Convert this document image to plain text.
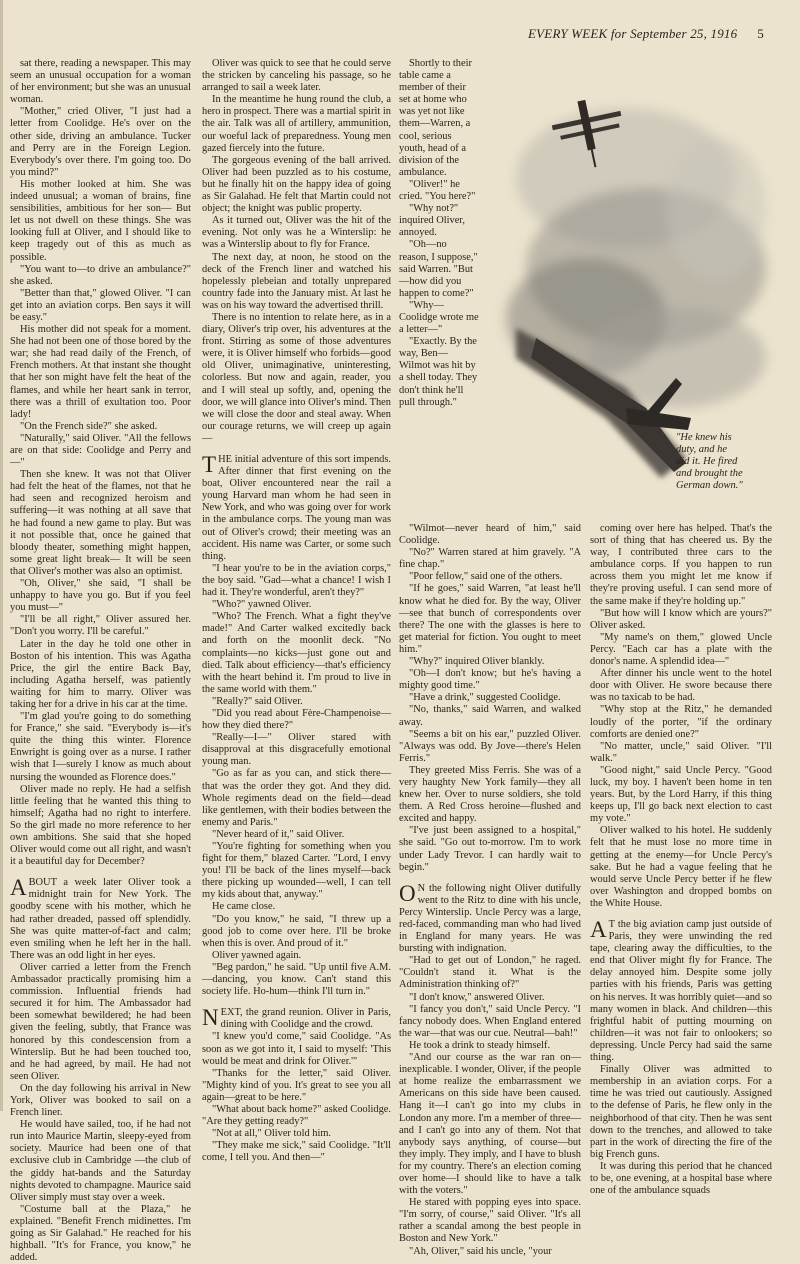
EVERY WEEK for September 25, 1916 5

sat there, reading a newspaper. This may seem an unusual occupation for a woman of her environment; but she was an unusual woman.

"Mother," cried Oliver, "I just had a letter from Coolidge. He's over on the other side, driving an ambulance. Tucker and Perry are in the Foreign Legion. Everybody's over there. I'm going too. Do you mind?"

His mother looked at him. She was indeed unusual; a woman of brains, fine sensibilities, ambitious for her son— But let us not dwell on these things. She was looking full at Oliver, and I should like to keep tragedy out of this as much as possible.

"You want to—to drive an ambulance?" she asked.

"Better than that," glowed Oliver. "I can get into an aviation corps. Ben says it will be easy."

His mother did not speak for a moment. She had not been one of those bored by the war; she had read daily of the French, of French mothers. At that instant she thought that her son might have felt the heat of the flames, and while her heart sank in terror, there was a thrill of exultation too. Poor lady!

"On the French side?" she asked.

"Naturally," said Oliver. "All the fellows are on that side: Coolidge and Perry and—"

Then she knew. It was not that Oliver had felt the heat of the flames, not that he had seen and recognized heroism and suffering—it was nothing at all save that he had found a new game to play. But was it not possible that, once he gained that bloody theater, something might happen, some great light break— It will be seen that Oliver's mother was also an optimist.

"Oh, Oliver," she said, "I shall be unhappy to have you go. But if you feel you must—"

"I'll be all right," Oliver assured her. "Don't you worry. I'll be careful."

Later in the day he told one other in Boston of his intention. This was Agatha Price, the girl the entire Back Bay, including Agatha herself, was patiently waiting for him to marry. Oliver was taking her for a drive in his car at the time.

"I'm glad you're going to do something for France," she said. "Everybody is—it's quite the thing this winter. Florence Enwright is going over as a nurse. I rather wish that I—surely I know as much about nursing the wounded as Florence does."

Oliver made no reply. He had a selfish little feeling that he wanted this thing to himself; Agatha had no right to interfere. So the girl made no more reference to her own ambitions. She said that she hoped Oliver would come out all right, and wasn't it a beautiful day for December?

ABOUT a week later Oliver took a midnight train for New York. The goodby scene with his mother, which he had rather dreaded, passed off splendidly. She was quite matter-of-fact and calm; even smiling when he left her in the hall. There was an odd light in her eyes.

Oliver carried a letter from the French Ambassador practically promising him a commission. Influential friends had secured it for him. The Ambassador had been somewhat bewildered; he had been given the feeling, subtly, that France was honored by this condescension from a Winterslip. But he had been touched too, and he had agreed, by mail. He had not seen Oliver.

On the day following his arrival in New York, Oliver was booked to sail on a French liner.

He would have sailed, too, if he had not run into Maurice Martin, sleepy-eyed from society. Maurice had been one of that exclusive club in Cambridge —the club of the giddy hat-bands and the Saturday nights devoted to champagne. Maurice said Oliver simply must stay over a week.

"Costume ball at the Plaza," he explained. "Benefit French midinettes. I'm going as Sir Galahad." He reached for his highball. "It's for France, you know," he added.

Oliver was quick to see that he could serve the stricken by canceling his passage, so he arranged to sail a week later.

In the meantime he hung round the club, a hero in prospect. There was a martial spirit in the air. Talk was all of artillery, ammunition, our woeful lack of preparedness. Young men gazed fiercely into the future.

The gorgeous evening of the ball arrived. Oliver had been puzzled as to his costume, but he finally hit on the happy idea of going as Sir Galahad. He felt that Martin could not object; the knight was public property.

As it turned out, Oliver was the hit of the evening. Not only was he a Winterslip: he was a Winterslip about to fly for France.

The next day, at noon, he stood on the deck of the French liner and watched his hopelessly plebeian and totally unprepared country fade into the January mist. At last he was on his way toward the advertised thrill.

There is no intention to relate here, as in a diary, Oliver's trip over, his adventures at the front. Stirring as some of those adventures were, it is Oliver himself who forbids—good old Oliver, unimaginative, uninteresting, colorless. But now and again, reader, you and I will steal up softly, and, opening the door, we will glance into Oliver's mind. Then we will close the door and steal away. When our courage returns, we will creep up again—

THE initial adventure of this sort impends. After dinner that first evening on the boat, Oliver encountered near the rail a young Harvard man whom he had seen in New York, and who was going over for work in the ambulance corps. The young man was out of Oliver's crowd; their meeting was an accident. His name was Carter, or some such thing.

"I hear you're to be in the aviation corps," the boy said. "Gad—what a chance! I wish I had it. They're wonderful, aren't they?"

"Who?" yawned Oliver.

"Who? The French. What a fight they've made!" And Carter walked excitedly back and forth on the moonlit deck. "No complaints—no kicks—just gone out and died. Talk about efficiency—that's efficiency with the heart behind it. I'm proud to live in the same world with them."

"Really?" said Oliver.

"Did you read about Fère-Champenoise—how they died there?"

"Really—I—" Oliver stared with disapproval at this disgracefully emotional young man.

"Go as far as you can, and stick there—that was the order they got. And they did. Whole regiments dead on the field—dead like gentlemen, with their bodies between the enemy and Paris."

"Never heard of it," said Oliver.

"You're fighting for something when you fight for them," blazed Carter. "Lord, I envy you! I'll be back of the lines myself—back there picking up wounded—well, I can tell my kids about that, anyway."

He came close.

"Do you know," he said, "I threw up a good job to come over here. I'll be broke when this is over. And proud of it."

Oliver yawned again.

"Beg pardon," he said. "Up until five A.M.—dancing, you know. Can't stand this society life. Ho-hum—think I'll turn in."

NEXT, the grand reunion. Oliver in Paris, dining with Coolidge and the crowd.

"I knew you'd come," said Coolidge. "As soon as we got into it, I said to myself: 'This would be meat and drink for Oliver.'"

"Thanks for the letter," said Oliver. "Mighty kind of you. It's great to see you all again—great to be here."

"What about back home?" asked Coolidge. "Are they getting ready?"

"Not at all," Oliver told him.

"They make me sick," said Coolidge. "It'll come, I tell you. And then—"

Shortly to their table came a member of their set at home who was yet not like them—Warren, a cool, serious youth, head of a division of the ambulance.

"Oliver!" he cried. "You here?"

"Why not?" inquired Oliver, annoyed.

"Oh—no reason, I suppose," said Warren. "But—how did you happen to come?"

"Why—Coolidge wrote me a letter—"

"Exactly. By the way, Ben—Wilmot was hit by a shell today. They don't think he'll pull through."

"He knew his
duty, and he
did it. He fired
and brought the
German down."

"Wilmot—never heard of him," said Coolidge.

"No?" Warren stared at him gravely. "A fine chap."

"Poor fellow," said one of the others.

"If he goes," said Warren, "at least he'll know what he died for. By the way, Oliver—see that bunch of correspondents over there? The one with the glasses is here to get material for fiction. You ought to meet him."

"Why?" inquired Oliver blankly.

"Oh—I don't know; but he's having a mighty good time."

"Have a drink," suggested Coolidge.

"No, thanks," said Warren, and walked away.

"Seems a bit on his ear," puzzled Oliver. "Always was odd. By Jove—there's Helen Ferris."

They greeted Miss Ferris. She was of a very haughty New York family—they all knew her. Over to nurse soldiers, she told them. A Red Cross heroine—flushed and excited and happy.

"I've just been assigned to a hospital," she said. "Go out to-morrow. I'm to work under Lady Trevor. I can hardly wait to begin."

O N the following night Oliver dutifully went to the Ritz to dine with his uncle, Percy Winterslip. Uncle Percy was a large, red-faced, commanding man who had lived in England for many years. He was bursting with indignation.

"Had to get out of London," he raged. "Couldn't stand it. What is the Administration thinking of?"

"I don't know," answered Oliver.

"I fancy you don't," said Uncle Percy. "I fancy nobody does. When England entered the war—that was our cue. Neutral—bah!"

He took a drink to steady himself.

"And our course as the war ran on—inexplicable. I wonder, Oliver, if the people at home realize the embarrassment we Americans on this side have been caused. Hang it—I can't go into my clubs in London any more. I'm a member of three—and I can't go into any of them. Not that anybody says anything, of course—but they imply. They imply, and I have to blush for my country. There's an election coming over home—I should like to have a talk with the voters."

He stared with popping eyes into space. "I'm sorry, of course," said Oliver. "It's all rather a scandal among the best people in Boston and New York."

"Ah, Oliver," said his uncle, "your

coming over here has helped. That's the sort of thing that has cheered us. By the way, I contributed three cars to the ambulance corps. If you happen to run across them you might let me know if they're proving useful. I can send more of the same make if they're holding up."

"But how will I know which are yours?" Oliver asked.

"My name's on them," glowed Uncle Percy. "Each car has a plate with the donor's name. A splendid idea—"

After dinner his uncle went to the hotel door with Oliver. He swore because there was no taxicab to be had.

"Why stop at the Ritz," he demanded loudly of the porter, "if the ordinary comforts are denied one?"

"No matter, uncle," said Oliver. "I'll walk."

"Good night," said Uncle Percy. "Good luck, my boy. I haven't been home in ten years. But, by the Lord Harry, if this thing keeps up, I'll go back next election to cast my vote."

Oliver walked to his hotel. He suddenly felt that he must lose no more time in getting at the enemy—for Uncle Percy's sake. But he had a vague feeling that he would serve Uncle Percy better if he flew over Washington and dropped bombs on the White House.

A T the big aviation camp just outside of Paris, they were unwinding the red tape, clearing away the difficulties, to the end that Oliver might fly for France. The delay annoyed him. Despite some jolly parties with his friends, Paris was getting on his nerves. It was horribly quiet—and so many women in black. And children—this frightful habit of putting mourning on children—it was not fair to onlookers; so depressing. Uncle Percy had said the same thing.

Finally Oliver was admitted to membership in an aviation corps. For a time he was tried out cautiously. Assigned to the defense of Paris, he flew only in the neighborhood of that city. Then he was sent down to the trenches, and allowed to take part in the work of directing the fire of the big French guns.

It was during this period that he chanced to be, one evening, at a hospital base where one of the ambulance squads
